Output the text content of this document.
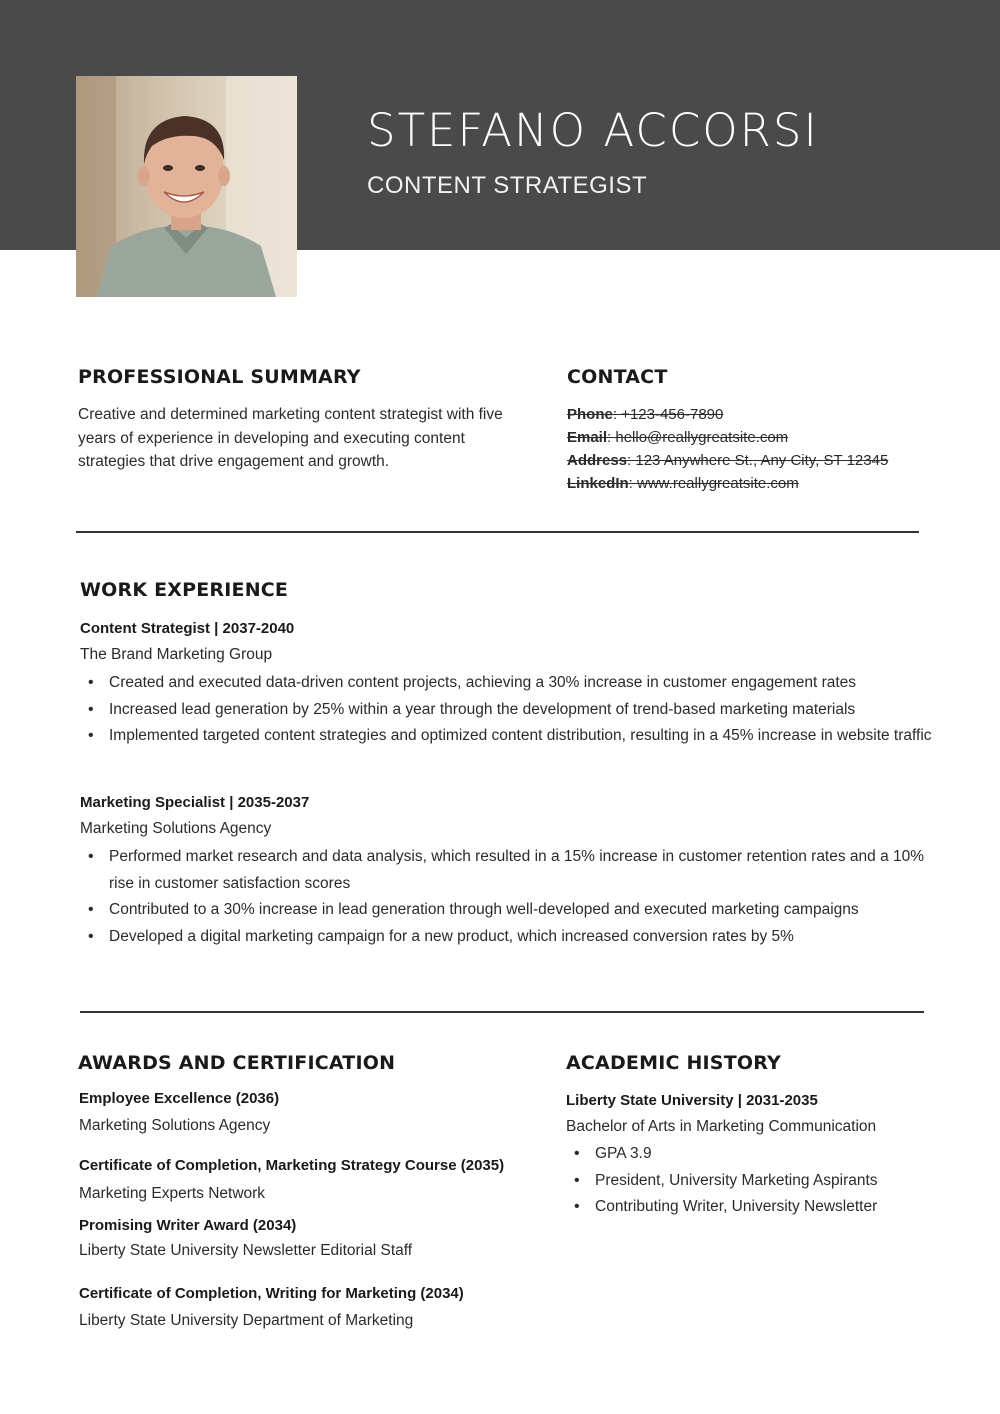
STEFANO ACCORSI
CONTENT STRATEGIST
PROFESSIONAL SUMMARY
Creative and determined marketing content strategist with five
years of experience in developing and executing content
strategies that drive engagement and growth.
CONTACT
Phone: +123-456-7890
Email: hello@reallygreatsite.com
Address: 123 Anywhere St., Any City, ST 12345
LinkedIn: www.reallygreatsite.com
WORK EXPERIENCE
Content Strategist | 2037-2040
The Brand Marketing Group
• Created and executed data-driven content projects, achieving a 30% increase in customer engagement rates
• Increased lead generation by 25% within a year through the development of trend-based marketing materials
• Implemented targeted content strategies and optimized content distribution, resulting in a 45% increase in website traffic
Marketing Specialist | 2035-2037
Marketing Solutions Agency
• Performed market research and data analysis, which resulted in a 15% increase in customer retention rates and a 10%
rise in customer satisfaction scores
• Contributed to a 30% increase in lead generation through well-developed and executed marketing campaigns
• Developed a digital marketing campaign for a new product, which increased conversion rates by 5%
AWARDS AND CERTIFICATION
Employee Excellence (2036)
Marketing Solutions Agency
Certificate of Completion, Marketing Strategy Course (2035)
Marketing Experts Network
Promising Writer Award (2034)
Liberty State University Newsletter Editorial Staff
Certificate of Completion, Writing for Marketing (2034)
Liberty State University Department of Marketing
ACADEMIC HISTORY
Liberty State University | 2031-2035
Bachelor of Arts in Marketing Communication
• GPA 3.9
• President, University Marketing Aspirants
• Contributing Writer, University Newsletter
